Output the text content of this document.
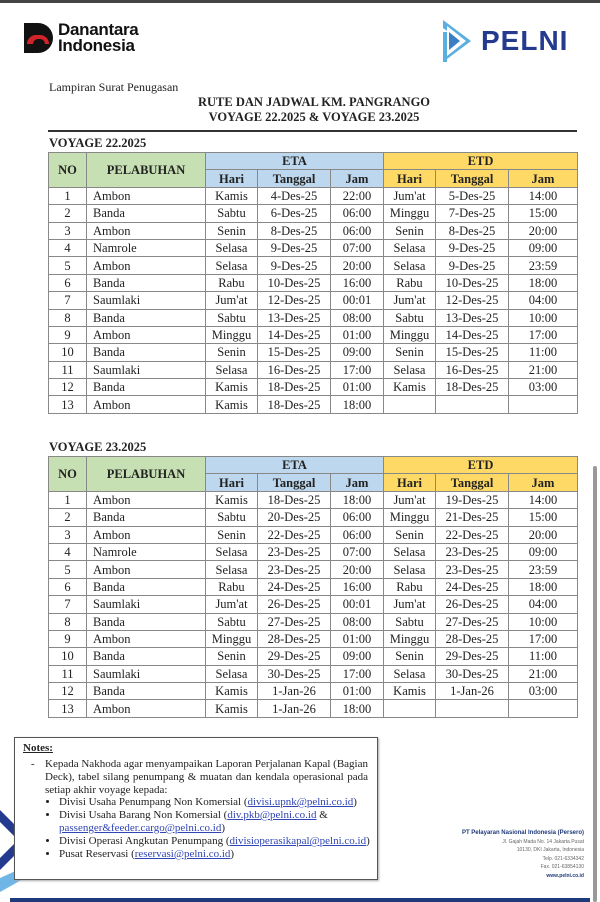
Danantara
Indonesia	PELNI
Lampiran Surat Penugasan
RUTE DAN JADWAL KM. PANGRANGO
VOYAGE 22.2025 & VOYAGE 23.2025
VOYAGE 22.2025
NO	PELABUHAN	ETA			ETD		
		Hari	Tanggal	Jam	Hari	Tanggal	Jam
1	Ambon	Kamis	4-Des-25	22:00	Jum'at	5-Des-25	14:00
2	Banda	Sabtu	6-Des-25	06:00	Minggu	7-Des-25	15:00
3	Ambon	Senin	8-Des-25	06:00	Senin	8-Des-25	20:00
4	Namrole	Selasa	9-Des-25	07:00	Selasa	9-Des-25	09:00
5	Ambon	Selasa	9-Des-25	20:00	Selasa	9-Des-25	23:59
6	Banda	Rabu	10-Des-25	16:00	Rabu	10-Des-25	18:00
7	Saumlaki	Jum'at	12-Des-25	00:01	Jum'at	12-Des-25	04:00
8	Banda	Sabtu	13-Des-25	08:00	Sabtu	13-Des-25	10:00
9	Ambon	Minggu	14-Des-25	01:00	Minggu	14-Des-25	17:00
10	Banda	Senin	15-Des-25	09:00	Senin	15-Des-25	11:00
11	Saumlaki	Selasa	16-Des-25	17:00	Selasa	16-Des-25	21:00
12	Banda	Kamis	18-Des-25	01:00	Kamis	18-Des-25	03:00
13	Ambon	Kamis	18-Des-25	18:00			
VOYAGE 23.2025
NO	PELABUHAN	ETA			ETD		
		Hari	Tanggal	Jam	Hari	Tanggal	Jam
1	Ambon	Kamis	18-Des-25	18:00	Jum'at	19-Des-25	14:00
2	Banda	Sabtu	20-Des-25	06:00	Minggu	21-Des-25	15:00
3	Ambon	Senin	22-Des-25	06:00	Senin	22-Des-25	20:00
4	Namrole	Selasa	23-Des-25	07:00	Selasa	23-Des-25	09:00
5	Ambon	Selasa	23-Des-25	20:00	Selasa	23-Des-25	23:59
6	Banda	Rabu	24-Des-25	16:00	Rabu	24-Des-25	18:00
7	Saumlaki	Jum'at	26-Des-25	00:01	Jum'at	26-Des-25	04:00
8	Banda	Sabtu	27-Des-25	08:00	Sabtu	27-Des-25	10:00
9	Ambon	Minggu	28-Des-25	01:00	Minggu	28-Des-25	17:00
10	Banda	Senin	29-Des-25	09:00	Senin	29-Des-25	11:00
11	Saumlaki	Selasa	30-Des-25	17:00	Selasa	30-Des-25	21:00
12	Banda	Kamis	1-Jan-26	01:00	Kamis	1-Jan-26	03:00
13	Ambon	Kamis	1-Jan-26	18:00			
Notes:
- Kepada Nakhoda agar menyampaikan Laporan Perjalanan Kapal (Bagian Deck), tabel silang penumpang & muatan dan kendala operasional pada setiap akhir voyage kepada:
• Divisi Usaha Penumpang Non Komersial (divisi.upnk@pelni.co.id)
• Divisi Usaha Barang Non Komersial (div.pkb@pelni.co.id &
passenger&feeder.cargo@pelni.co.id)
• Divisi Operasi Angkutan Penumpang (divisioperasikapal@pelni.co.id)
• Pusat Reservasi (reservasi@pelni.co.id)
PT Pelayaran Nasional Indonesia (Persero)
Jl. Gajah Mada No. 14 Jakarta Pusat
10130, DKI Jakarta, Indonesia
Telp. 021-6334342
Fax. 021-63854130
www.pelni.co.id
